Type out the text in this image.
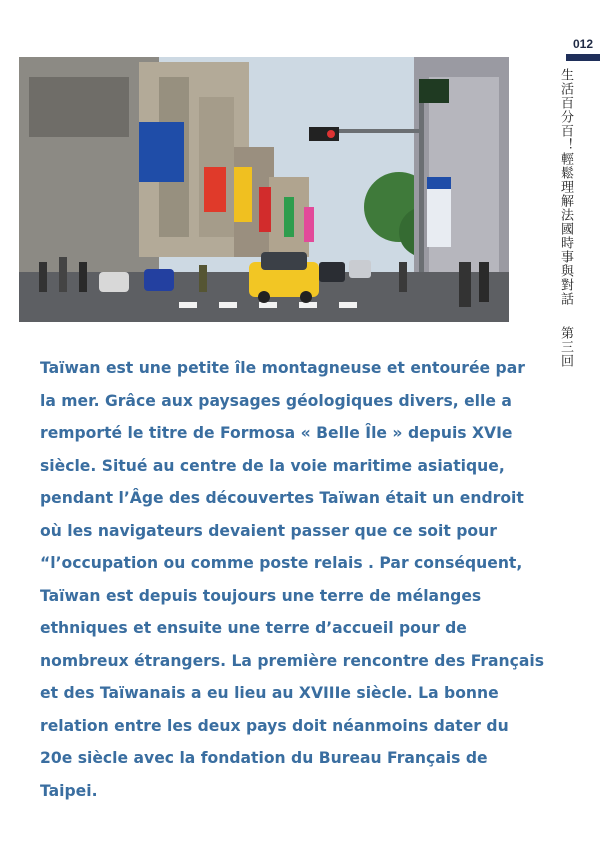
012
生活百分百！輕鬆理解法國時事與對話第三回

Taïwan est une petite île montagneuse et entourée par
la mer. Grâce aux paysages géologiques divers, elle a
remporté le titre de Formosa « Belle Île » depuis XVIe
siècle. Situé au centre de la voie maritime asiatique,
pendant l’Âge des découvertes Taïwan était un endroit
où les navigateurs devaient passer que ce soit pour
“l’occupation ou comme poste relais . Par conséquent,
Taïwan est depuis toujours une terre de mélanges
ethniques et ensuite une terre d’accueil pour de
nombreux étrangers. La première rencontre des Français
et des Taïwanais a eu lieu au XVIIIe siècle. La bonne
relation entre les deux pays doit néanmoins dater du
20e siècle avec la fondation du Bureau Français de
Taipei.
